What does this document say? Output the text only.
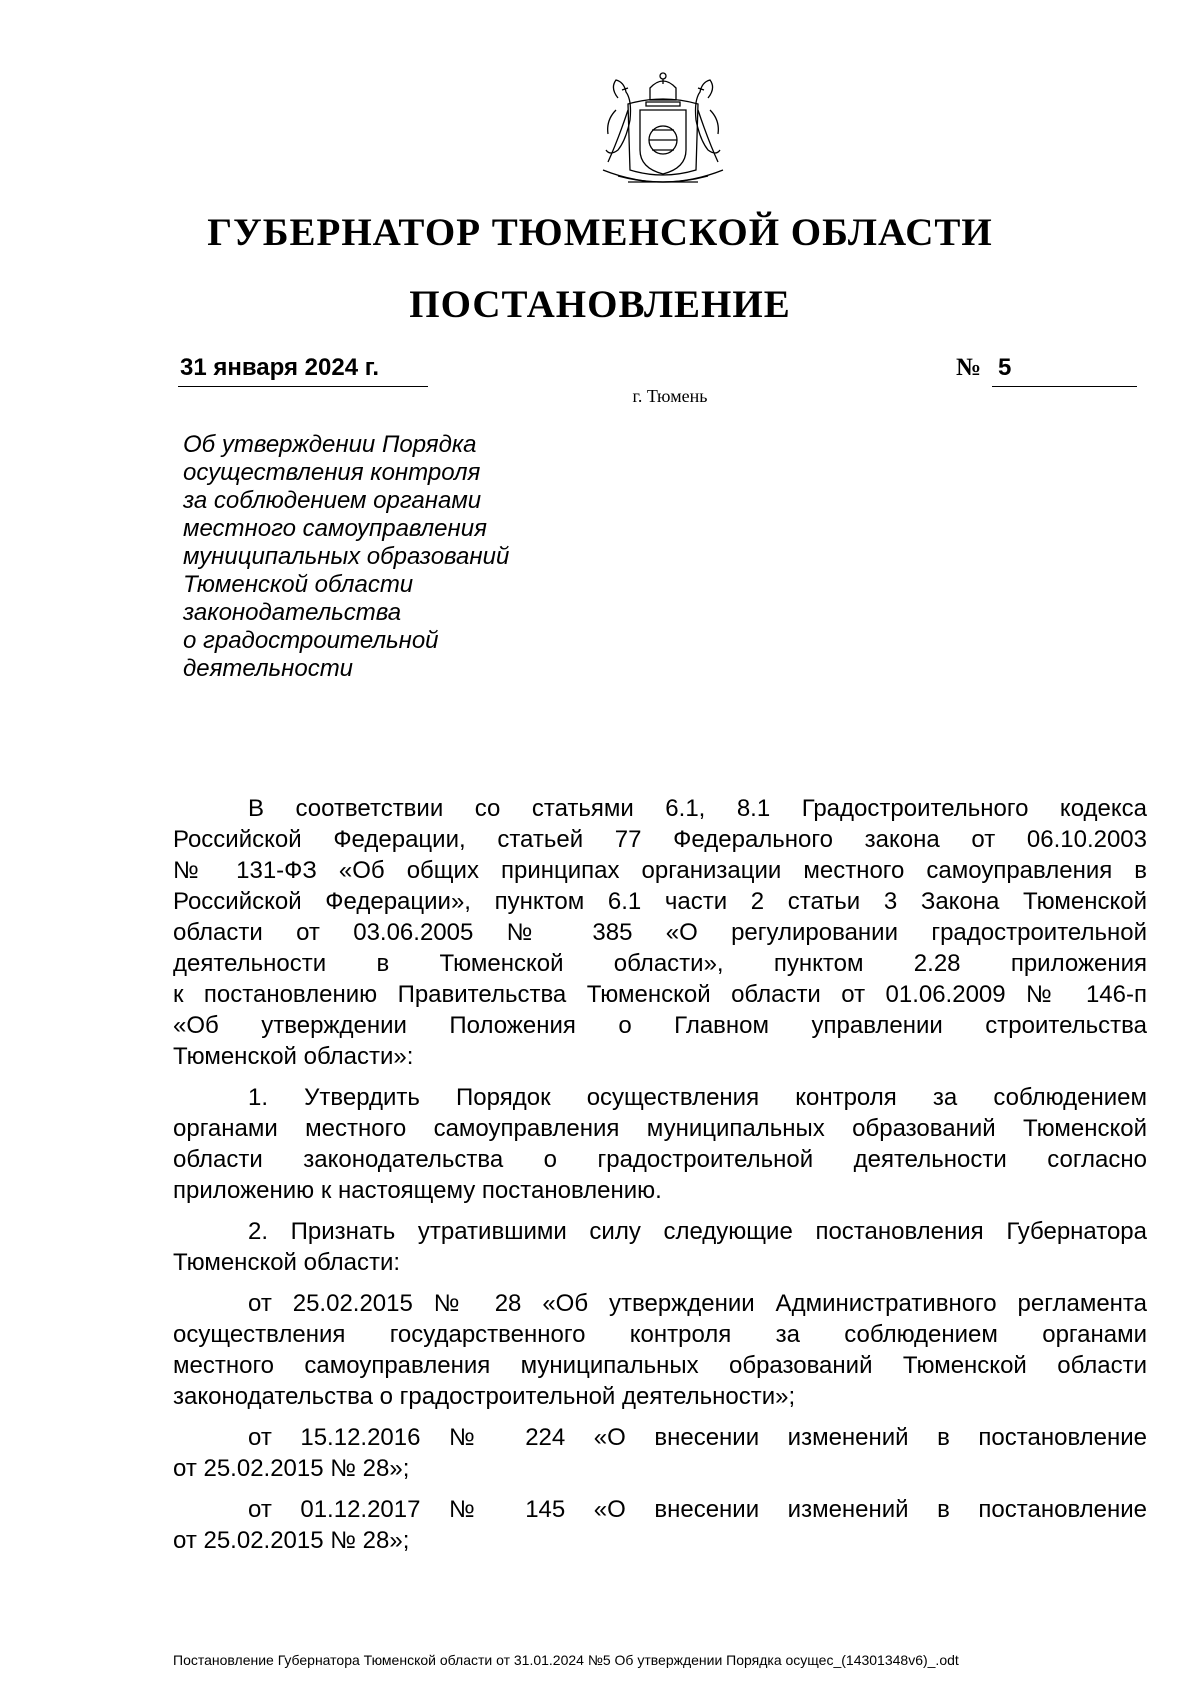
ГУБЕРНАТОР ТЮМЕНСКОЙ ОБЛАСТИ
ПОСТАНОВЛЕНИЕ
31 января 2024 г.	№ 5
г. Тюмень
Об утверждении Порядка
осуществления контроля
за соблюдением органами
местного самоуправления
муниципальных образований
Тюменской области
законодательства
о градостроительной
деятельности
В соответствии со статьями 6.1, 8.1 Градостроительного кодекса
Российской Федерации, статьей 77 Федерального закона от 06.10.2003
№ 131-ФЗ «Об общих принципах организации местного самоуправления в
Российской Федерации», пунктом 6.1 части 2 статьи 3 Закона Тюменской
области от 03.06.2005 № 385 «О регулировании градостроительной
деятельности в Тюменской области», пунктом 2.28 приложения
к постановлению Правительства Тюменской области от 01.06.2009 № 146-п
«Об утверждении Положения о Главном управлении строительства
Тюменской области»:
1. Утвердить Порядок осуществления контроля за соблюдением
органами местного самоуправления муниципальных образований Тюменской
области законодательства о градостроительной деятельности согласно
приложению к настоящему постановлению.
2. Признать утратившими силу следующие постановления Губернатора
Тюменской области:
от 25.02.2015 № 28 «Об утверждении Административного регламента
осуществления государственного контроля за соблюдением органами
местного самоуправления муниципальных образований Тюменской области
законодательства о градостроительной деятельности»;
от 15.12.2016 № 224 «О внесении изменений в постановление
от 25.02.2015 № 28»;
от 01.12.2017 № 145 «О внесении изменений в постановление
от 25.02.2015 № 28»;
Постановление Губернатора Тюменской области от 31.01.2024 №5 Об утверждении Порядка осущес_(14301348v6)_.odt
